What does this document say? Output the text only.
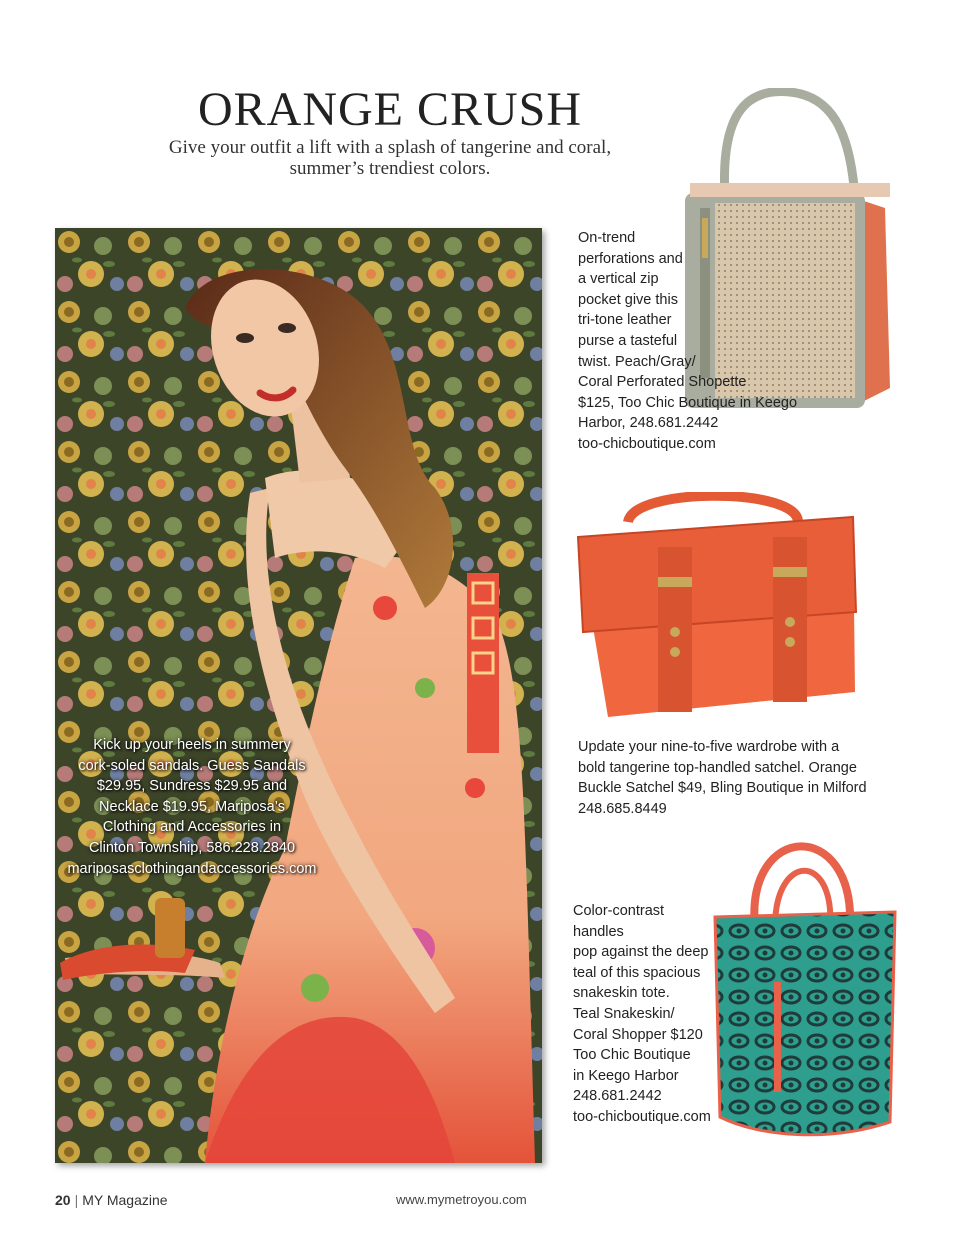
ORANGE CRUSH
Give your outfit a lift with a splash of tangerine and coral,
summer’s trendiest colors.
Kick up your heels in summery
cork-soled sandals. Guess Sandals
$29.95, Sundress $29.95 and
Necklace $19.95, Mariposa’s
Clothing and Accessories in
Clinton Township, 586.228.2840
mariposasclothingandaccessories.com
On-trend
perforations and
a vertical zip
pocket give this
tri-tone leather
purse a tasteful
twist. Peach/Gray/
Coral Perforated Shopette
$125, Too Chic Boutique in Keego
Harbor, 248.681.2442
too-chicboutique.com
Update your nine-to-five wardrobe with a
bold tangerine top-handled satchel. Orange
Buckle Satchel $49, Bling Boutique in Milford
248.685.8449
Color-contrast handles
pop against the deep
teal of this spacious
snakeskin tote.
Teal Snakeskin/
Coral Shopper $120
Too Chic Boutique
in Keego Harbor
248.681.2442
too-chicboutique.com
20 | MY Magazine	www.mymetroyou.com
